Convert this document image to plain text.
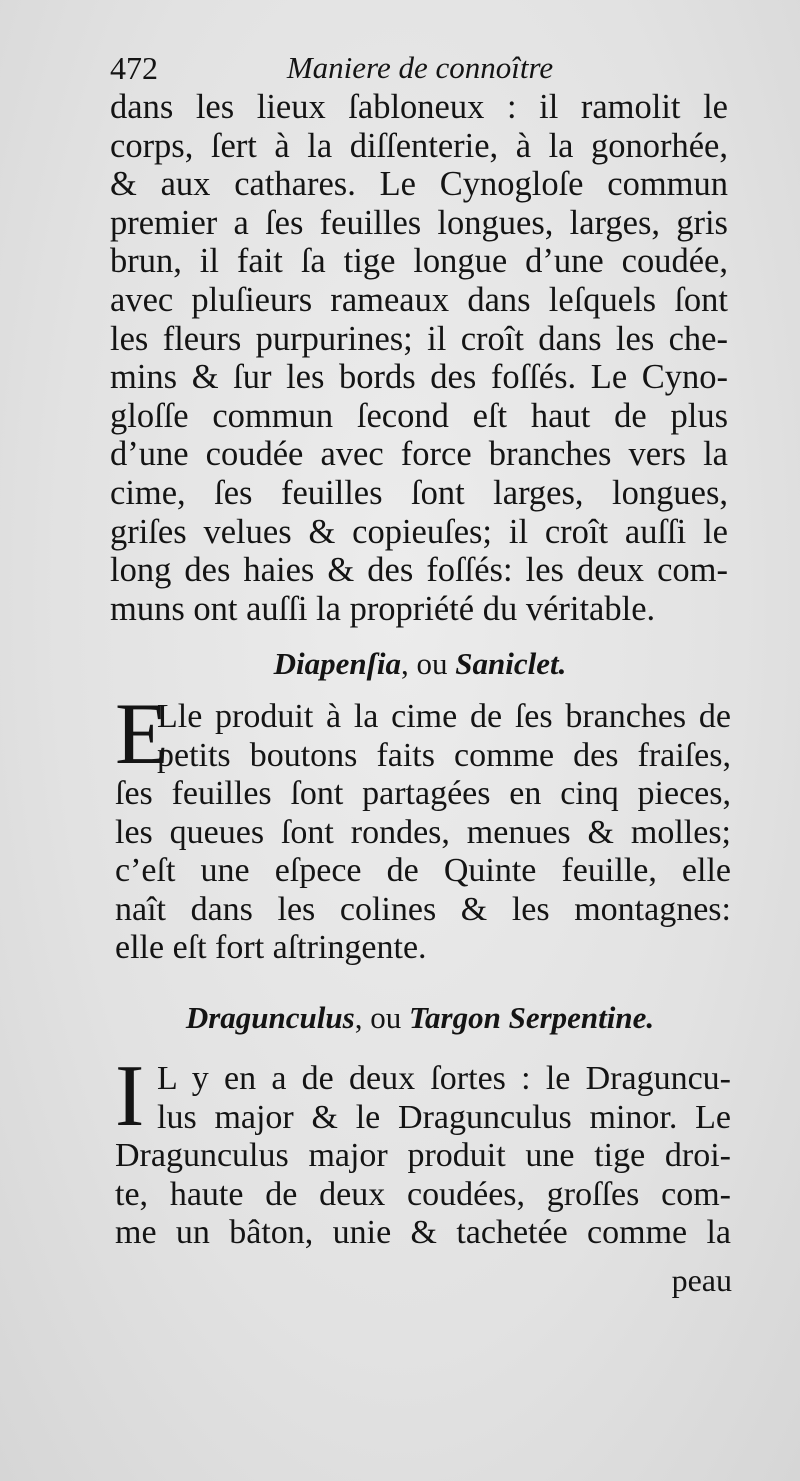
472	Maniere de connoître
dans les lieux ſabloneux : il ramolit le
corps, ſert à la diſſenterie, à la gonorhée,
& aux cathares. Le Cynogloſe commun
premier a ſes feuilles longues, larges, gris
brun, il fait ſa tige longue d’une coudée,
avec pluſieurs rameaux dans leſquels ſont
les fleurs purpurines; il croît dans les che-
mins & ſur les bords des foſſés. Le Cyno-
gloſſe commun ſecond eſt haut de plus
d’une coudée avec force branches vers la
cime, ſes feuilles ſont larges, longues,
griſes velues & copieuſes; il croît auſſi le
long des haies & des foſſés: les deux com-
muns ont auſſi la propriété du véritable.
Diapenſia, ou Saniclet.
E
Lle produit à la cime de ſes branches de
petits boutons faits comme des fraiſes,
ſes feuilles ſont partagées en cinq pieces,
les queues ſont rondes, menues & molles;
c’eſt une eſpece de Quinte feuille, elle
naît dans les colines & les montagnes:
elle eſt fort aſtringente.
Dragunculus, ou Targon Serpentine.
I L y en a de deux ſortes : le Draguncu-
lus major & le Dragunculus minor. Le
Dragunculus major produit une tige droi-
te, haute de deux coudées, groſſes com-
me un bâton, unie & tachetée comme la
peau
